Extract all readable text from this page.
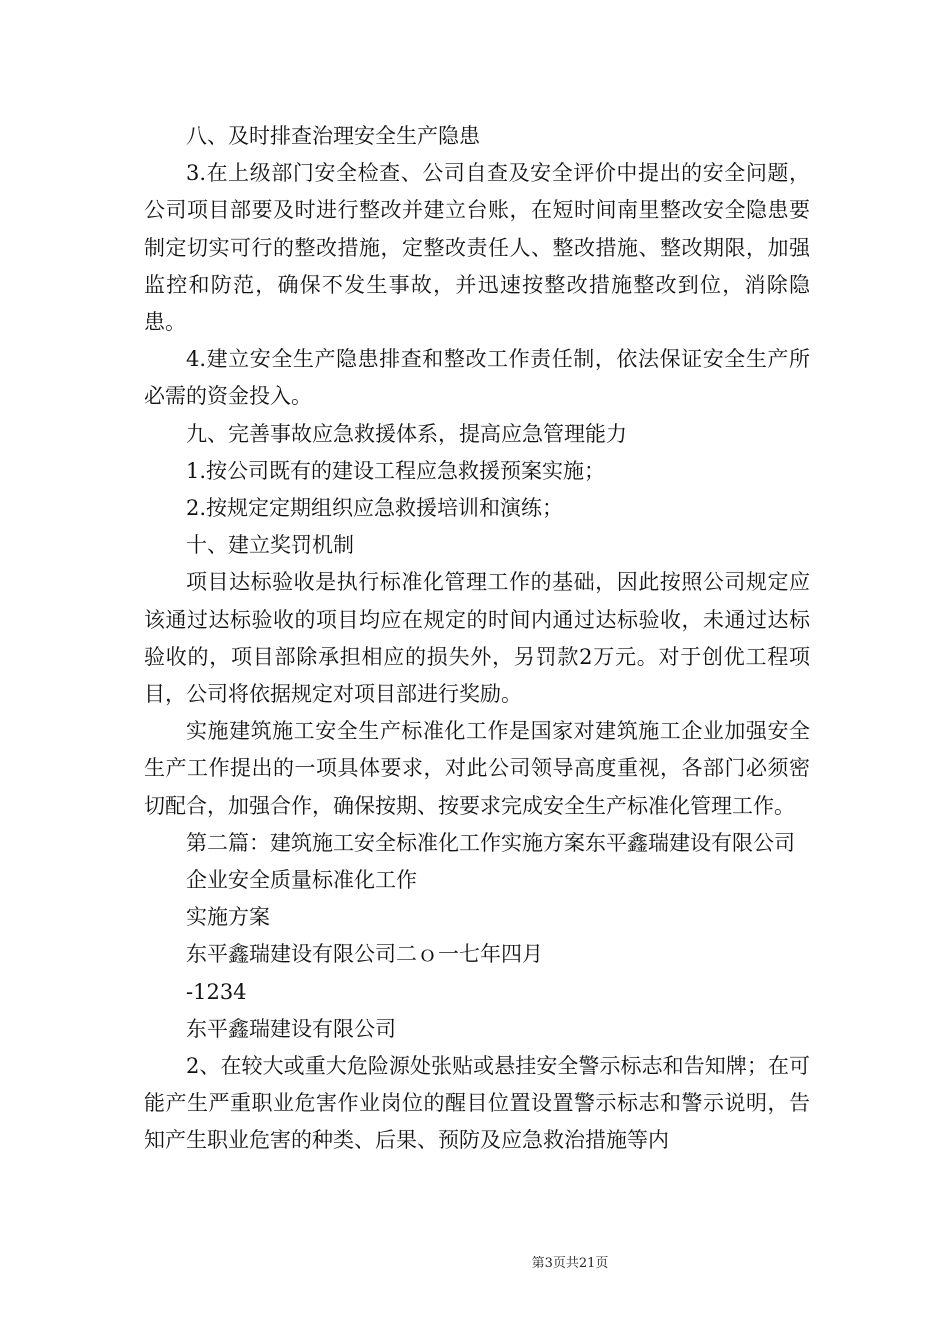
八、及时排查治理安全生产隐患

3.在上级部门安全检查、公司自查及安全评价中提出的安全问题，公司项目部要及时进行整改并建立台账，在短时间南里整改安全隐患要制定切实可行的整改措施，定整改责任人、整改措施、整改期限，加强监控和防范，确保不发生事故，并迅速按整改措施整改到位，消除隐患。

4.建立安全生产隐患排查和整改工作责任制，依法保证安全生产所必需的资金投入。

九、完善事故应急救援体系，提高应急管理能力

1.按公司既有的建设工程应急救援预案实施；

2.按规定定期组织应急救援培训和演练；

十、建立奖罚机制

项目达标验收是执行标准化管理工作的基础，因此按照公司规定应该通过达标验收的项目均应在规定的时间内通过达标验收，未通过达标验收的，项目部除承担相应的损失外，另罚款2万元。对于创优工程项目，公司将依据规定对项目部进行奖励。

实施建筑施工安全生产标准化工作是国家对建筑施工企业加强安全生产工作提出的一项具体要求，对此公司领导高度重视，各部门必须密切配合，加强合作，确保按期、按要求完成安全生产标准化管理工作。

第二篇：建筑施工安全标准化工作实施方案东平鑫瑞建设有限公司

企业安全质量标准化工作

实施方案

东平鑫瑞建设有限公司二ｏ一七年四月

-1234

东平鑫瑞建设有限公司

2、在较大或重大危险源处张贴或悬挂安全警示标志和告知牌；在可能产生严重职业危害作业岗位的醒目位置设置警示标志和警示说明，告知产生职业危害的种类、后果、预防及应急救治措施等内

第3页共21页
